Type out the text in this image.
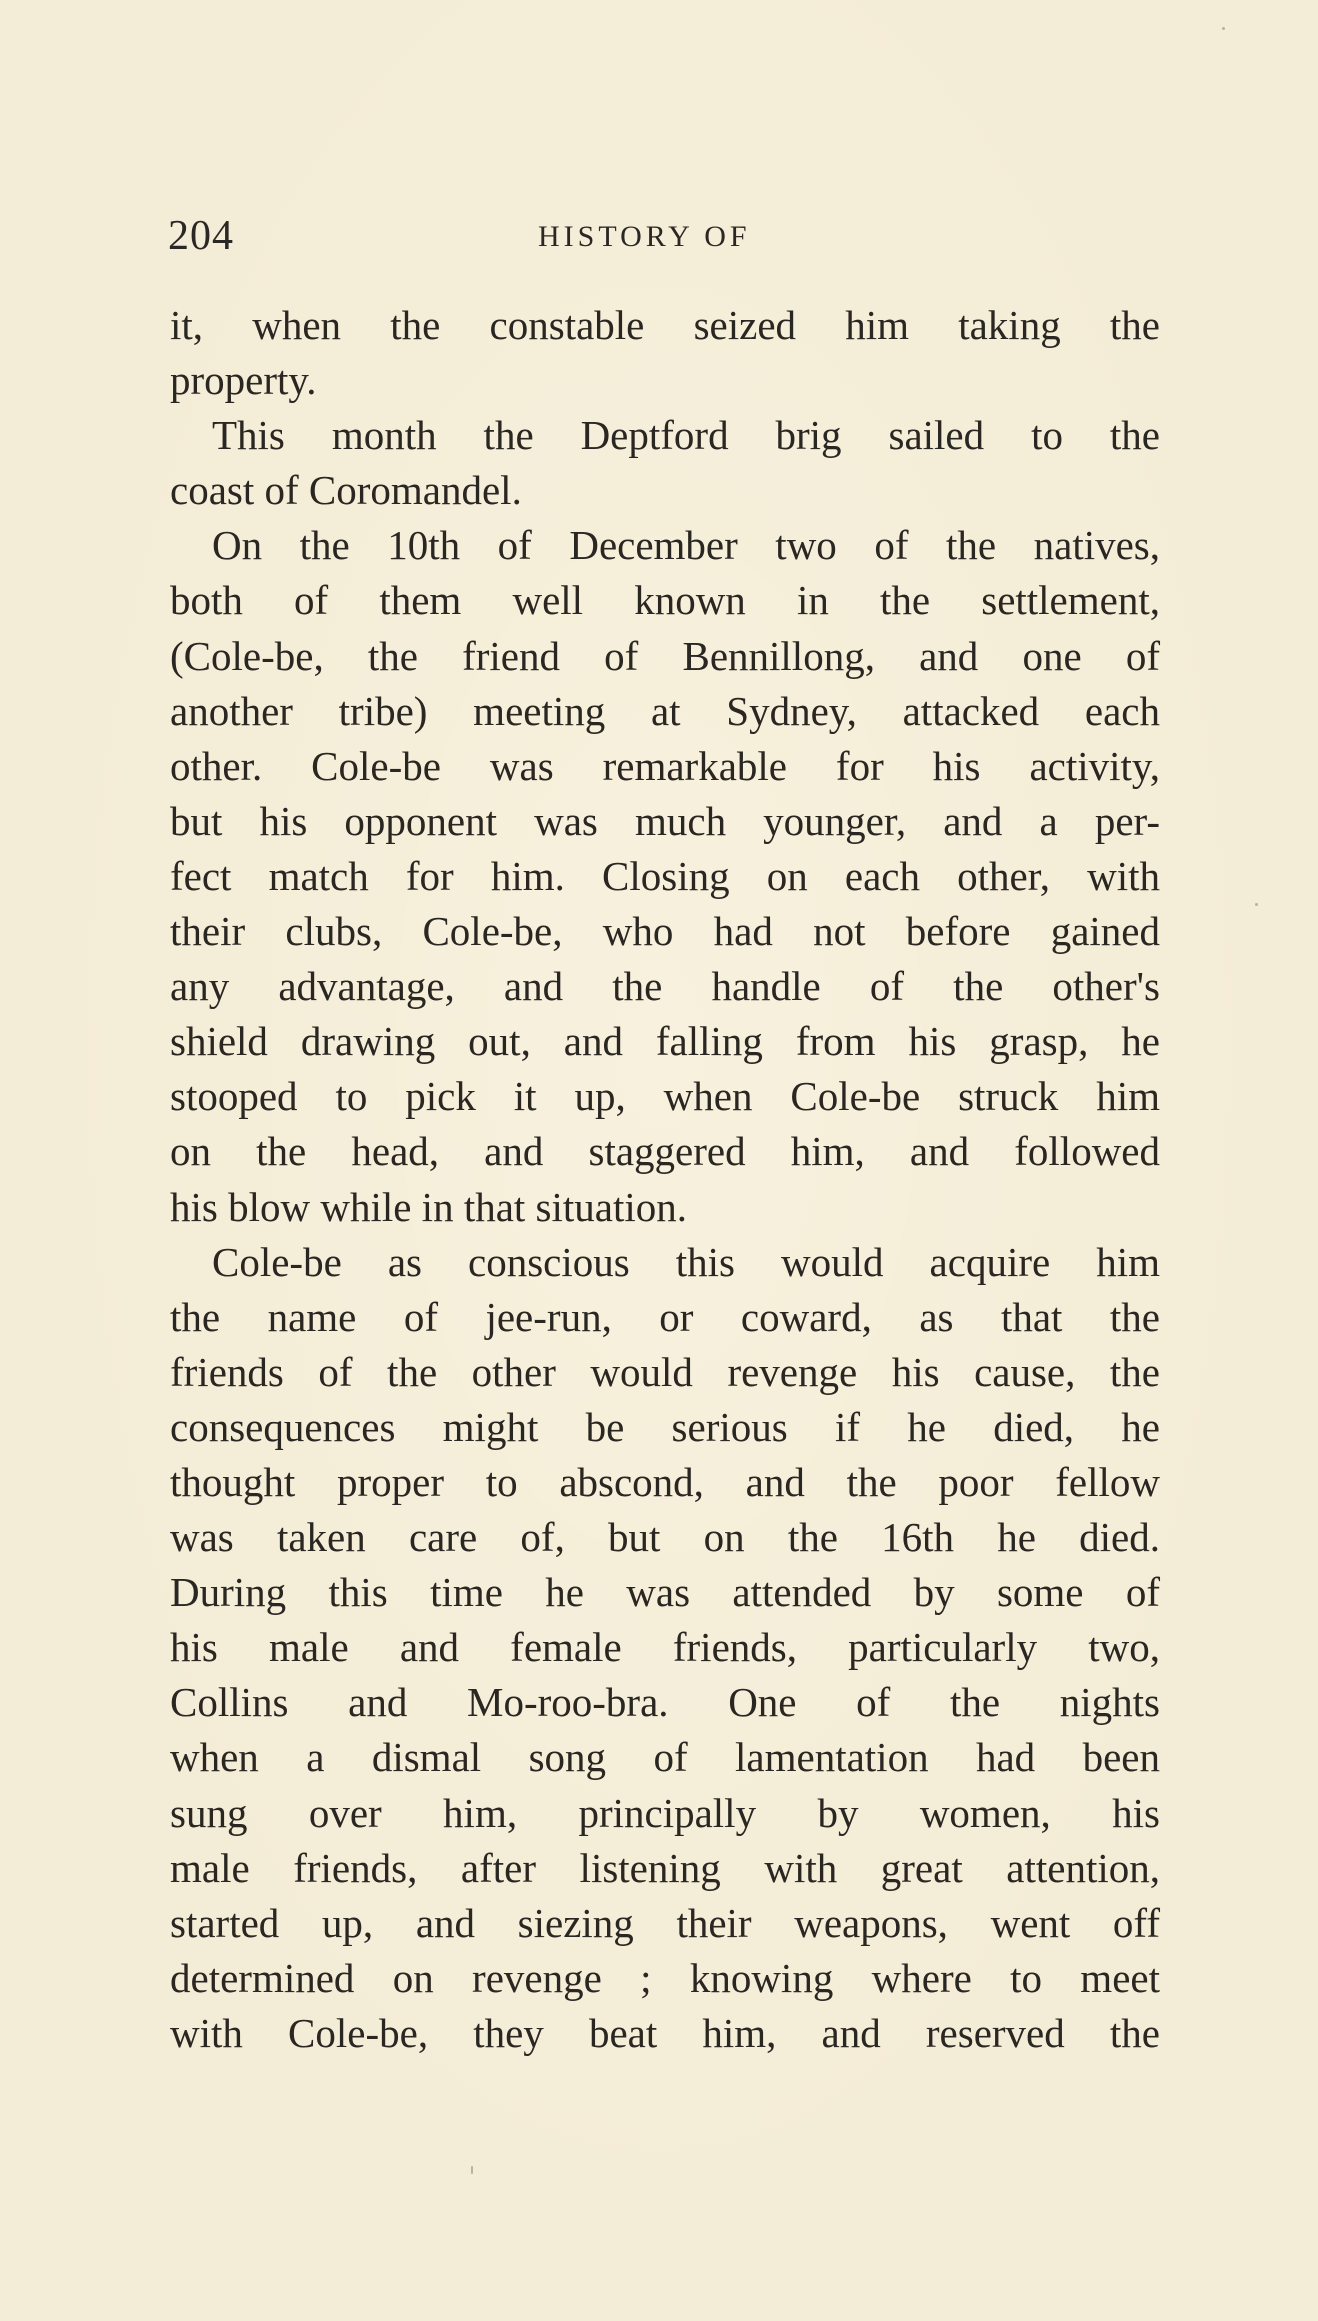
204	HISTORY OF
it, when the constable seized him taking the
property.
This month the Deptford brig sailed to the
coast of Coromandel.
On the 10th of December two of the natives,
both of them well known in the settlement,
(Cole-be, the friend of Bennillong, and one of
another tribe) meeting at Sydney, attacked each
other. Cole-be was remarkable for his activity,
but his opponent was much younger, and a per-
fect match for him. Closing on each other, with
their clubs, Cole-be, who had not before gained
any advantage, and the handle of the other's
shield drawing out, and falling from his grasp, he
stooped to pick it up, when Cole-be struck him
on the head, and staggered him, and followed
his blow while in that situation.
Cole-be as conscious this would acquire him
the name of jee-run, or coward, as that the
friends of the other would revenge his cause, the
consequences might be serious if he died, he
thought proper to abscond, and the poor fellow
was taken care of, but on the 16th he died.
During this time he was attended by some of
his male and female friends, particularly two,
Collins and Mo-roo-bra. One of the nights
when a dismal song of lamentation had been
sung over him, principally by women, his
male friends, after listening with great attention,
started up, and siezing their weapons, went off
determined on revenge ; knowing where to meet
with Cole-be, they beat him, and reserved the
